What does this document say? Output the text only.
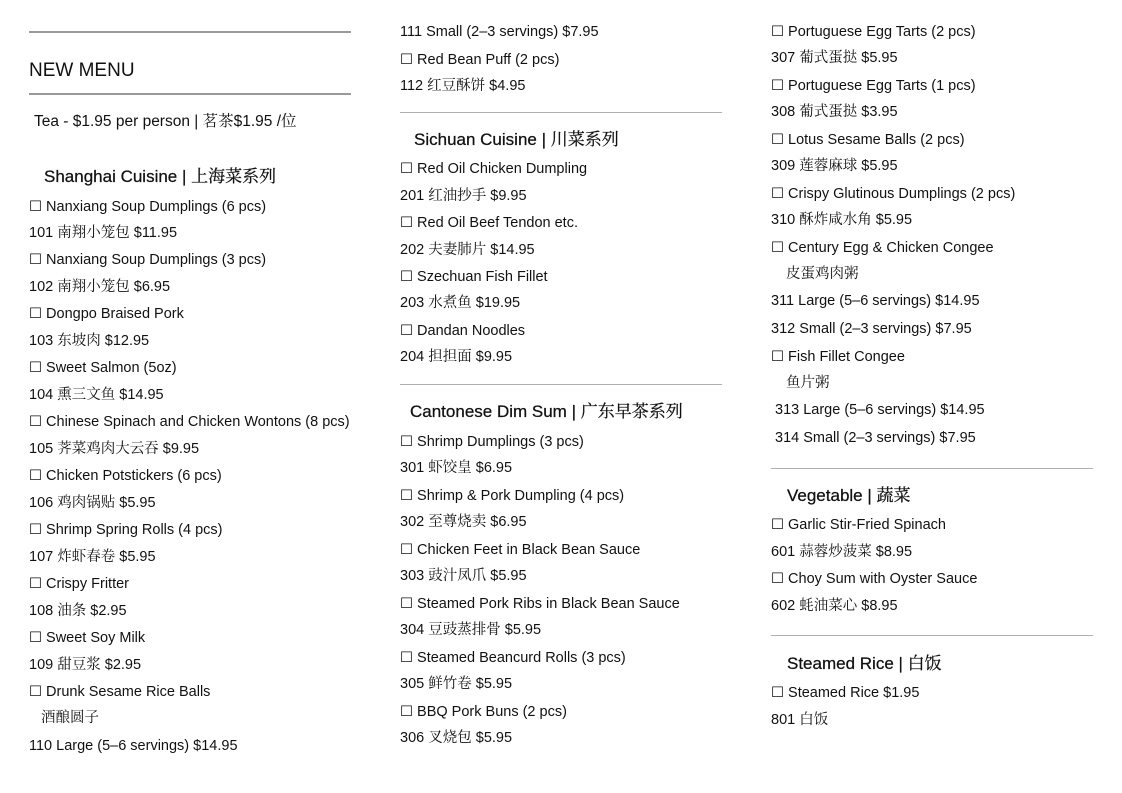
NEW MENU
Tea - $1.95 per person | 茗茶$1.95 /位
Shanghai Cuisine | 上海菜系列
☐ Nanxiang Soup Dumplings (6 pcs)
101 南翔小笼包 $11.95
☐ Nanxiang Soup Dumplings (3 pcs)
102 南翔小笼包 $6.95
☐ Dongpo Braised Pork
103 东坡肉 $12.95
☐ Sweet Salmon (5oz)
104 熏三文鱼 $14.95
☐ Chinese Spinach and Chicken Wontons (8 pcs)
105 荠菜鸡肉大云吞 $9.95
☐ Chicken Potstickers (6 pcs)
106 鸡肉锅贴 $5.95
☐ Shrimp Spring Rolls (4 pcs)
107 炸虾春卷 $5.95
☐ Crispy Fritter
108 油条 $2.95
☐ Sweet Soy Milk
109 甜豆浆 $2.95
☐ Drunk Sesame Rice Balls
酒酿圆子
110 Large (5–6 servings) $14.95
111 Small (2–3 servings) $7.95
☐ Red Bean Puff (2 pcs)
112 红豆酥饼 $4.95
Sichuan Cuisine | 川菜系列
☐ Red Oil Chicken Dumpling
201 红油抄手 $9.95
☐ Red Oil Beef Tendon etc.
202 夫妻肺片 $14.95
☐ Szechuan Fish Fillet
203 水煮鱼 $19.95
☐ Dandan Noodles
204 担担面 $9.95
Cantonese Dim Sum | 广东早茶系列
☐ Shrimp Dumplings (3 pcs)
301 虾饺皇 $6.95
☐ Shrimp & Pork Dumpling (4 pcs)
302 至尊烧卖 $6.95
☐ Chicken Feet in Black Bean Sauce
303 豉汁凤爪 $5.95
☐ Steamed Pork Ribs in Black Bean Sauce
304 豆豉蒸排骨 $5.95
☐ Steamed Beancurd Rolls (3 pcs)
305 鲜竹卷 $5.95
☐ BBQ Pork Buns (2 pcs)
306 叉烧包 $5.95
☐ Portuguese Egg Tarts (2 pcs)
307 葡式蛋挞 $5.95
☐ Portuguese Egg Tarts (1 pcs)
308 葡式蛋挞 $3.95
☐ Lotus Sesame Balls (2 pcs)
309 莲蓉麻球 $5.95
☐ Crispy Glutinous Dumplings (2 pcs)
310 酥炸咸水角 $5.95
☐ Century Egg & Chicken Congee
皮蛋鸡肉粥
311 Large (5–6 servings) $14.95
312 Small (2–3 servings) $7.95
☐ Fish Fillet Congee
鱼片粥
313 Large (5–6 servings) $14.95
314 Small (2–3 servings) $7.95
Vegetable | 蔬菜
☐ Garlic Stir-Fried Spinach
601 蒜蓉炒菠菜 $8.95
☐ Choy Sum with Oyster Sauce
602 蚝油菜心 $8.95
Steamed Rice | 白饭
☐ Steamed Rice $1.95
801 白饭
